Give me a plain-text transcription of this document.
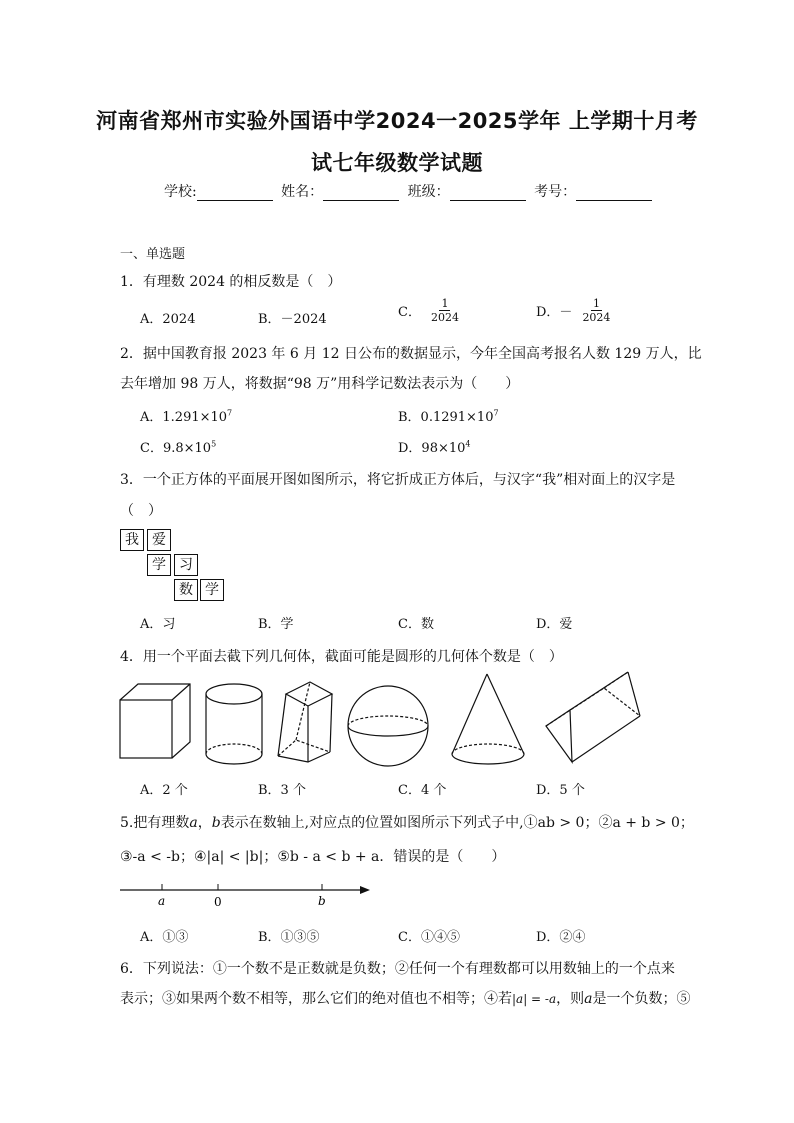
河南省郑州市实验外国语中学2024一2025学年 上学期十月考
试七年级数学试题
学校:	姓名：	班级：	考号：
一、单选题
1．有理数 2024 的相反数是（　）
A．2024	B．－2024	C． $\frac{1}{2024}$	D．－ $\frac{1}{2024}$
2．据中国教育报 2023 年 6 月 12 日公布的数据显示，今年全国高考报名人数 129 万人，比
去年增加 98 万人，将数据“98 万”用科学记数法表示为（　　）
A．$1.291\times 10^7$	B．$0.1291\times 10^7$
C．$9.8\times 10^5$	D．$98\times 10^4$
3．一个正方体的平面展开图如图所示，将它折成正方体后，与汉字“我”相对面上的汉字是
（　）
我 爱
学 习
数 学
A．习	B．学	C．数	D．爱
4．用一个平面去截下列几何体，截面可能是圆形的几何体个数是（　）
A．2 个	B．3 个	C．4 个	D．5 个
5.把有理数a，b表示在数轴上,对应点的位置如图所示下列式子中,①ab > 0；②a + b > 0；
③-a < -b；④|a| < |b|；⑤b - a < b + a．错误的是（　　）
a	0	b
A．①③	B．①③⑤	C．①④⑤	D．②④
6．下列说法：①一个数不是正数就是负数；②任何一个有理数都可以用数轴上的一个点来
表示；③如果两个数不相等，那么它们的绝对值也不相等；④若|a| = -a，则a是一个负数；⑤
